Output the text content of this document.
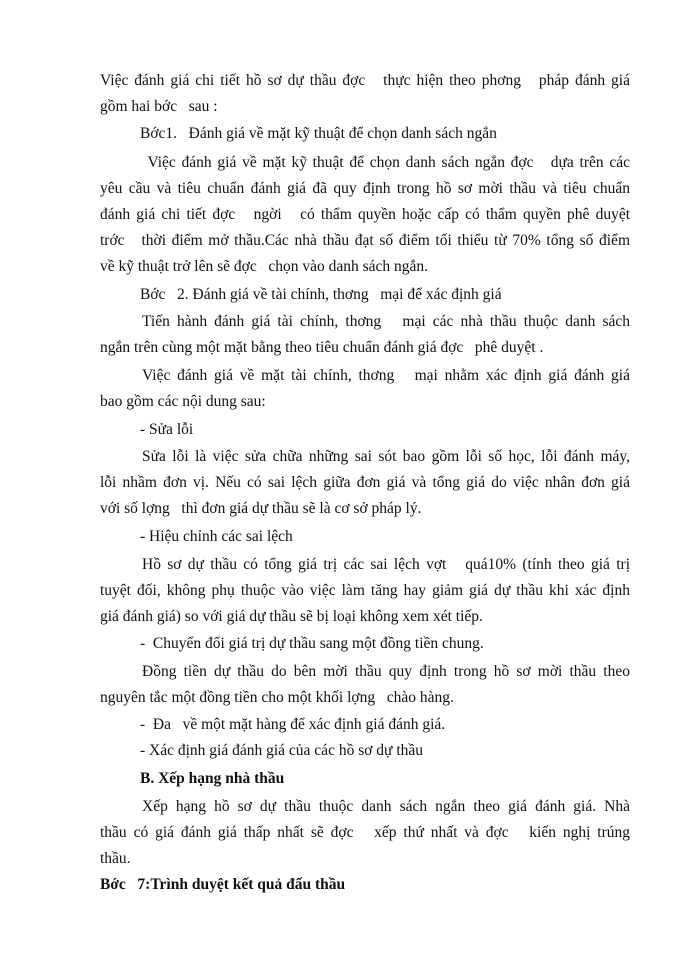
Việc đánh giá chi tiết hồ sơ dự thầu đợc   thực hiện theo phơng   pháp đánh giá
gồm hai bớc   sau :
Bớc1.   Đánh giá về mặt kỹ thuật để chọn danh sách ngắn
Việc đánh giá về mặt kỹ thuật để chọn danh sách ngắn đợc   dựa trên các
yêu cầu và tiêu chuẩn đánh giá đã quy định trong hồ sơ mời thầu và tiêu chuẩn
đánh giá chi tiết đợc   ngời   có thẩm quyền hoặc cấp có thẩm quyền phê duyệt
trớc   thời điểm mở thầu.Các nhà thầu đạt số điểm tối thiểu từ 70% tổng số điểm
về kỹ thuật trở lên sẽ đợc   chọn vào danh sách ngắn.
Bớc   2. Đánh giá về tài chính, thơng   mại để xác định giá
Tiến hành đánh giá tài chính, thơng   mại các nhà thầu thuộc danh sách
ngắn trên cùng một mặt bằng theo tiêu chuẩn đánh giá đợc   phê duyệt .
Việc đánh giá về mặt tài chính, thơng   mại nhằm xác định giá đánh giá
bao gồm các nội dung sau:
- Sửa lỗi
Sửa lỗi là việc sửa chữa những sai sót bao gồm lỗi số học, lỗi đánh máy,
lỗi nhầm đơn vị. Nếu có sai lệch giữa đơn giá và tổng giá do việc nhân đơn giá
với số lợng   thì đơn giá dự thầu sẽ là cơ sở pháp lý.
- Hiệu chỉnh các sai lệch
Hồ sơ dự thầu có tổng giá trị các sai lệch vợt   quá10% (tính theo giá trị
tuyệt đối, không phụ thuộc vào việc làm tăng hay giảm giá dự thầu khi xác định
giá đánh giá) so với giá dự thầu sẽ bị loại không xem xét tiếp.
-  Chuyển đổi giá trị dự thầu sang một đồng tiền chung.
Đồng tiền dự thầu do bên mời thầu quy định trong hồ sơ mời thầu theo
nguyên tắc một đồng tiền cho một khối lợng   chào hàng.
-  Đa   về một mặt hàng để xác định giá đánh giá.
- Xác định giá đánh giá của các hồ sơ dự thầu
B. Xếp hạng nhà thầu
Xếp hạng hồ sơ dự thầu thuộc danh sách ngắn theo giá đánh giá. Nhà
thầu có giá đánh giá thấp nhất sẽ đợc   xếp thứ nhất và đợc   kiến nghị trúng
thầu.
Bớc   7:Trình duyệt kết quả đấu thầu
